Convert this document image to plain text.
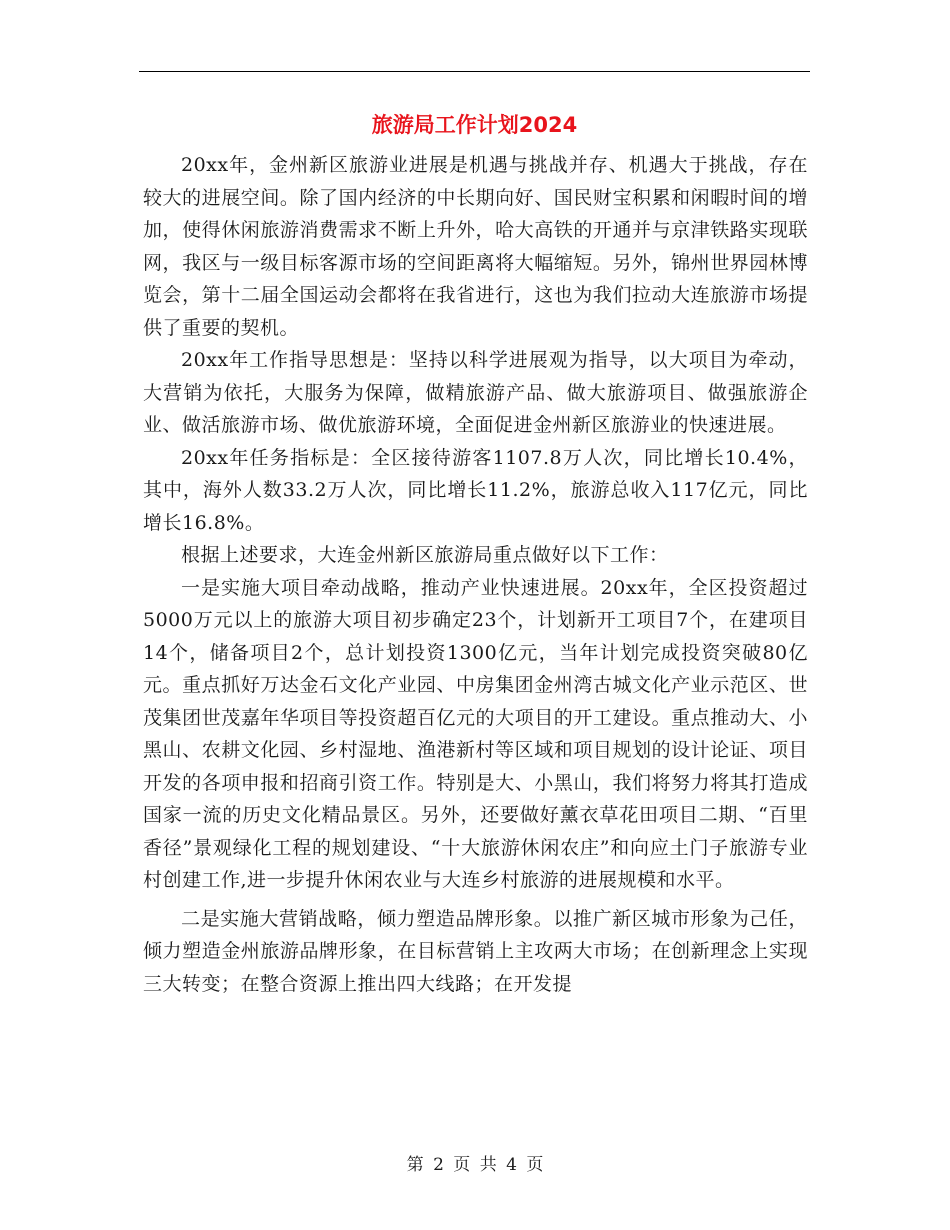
旅游局工作计划2024

20xx年，金州新区旅游业进展是机遇与挑战并存、机遇大于挑战，存在较大的进展空间。除了国内经济的中长期向好、国民财宝积累和闲暇时间的增加，使得休闲旅游消费需求不断上升外，哈大高铁的开通并与京津铁路实现联网，我区与一级目标客源市场的空间距离将大幅缩短。另外，锦州世界园林博览会，第十二届全国运动会都将在我省进行，这也为我们拉动大连旅游市场提供了重要的契机。

20xx年工作指导思想是：坚持以科学进展观为指导，以大项目为牵动，大营销为依托，大服务为保障，做精旅游产品、做大旅游项目、做强旅游企业、做活旅游市场、做优旅游环境，全面促进金州新区旅游业的快速进展。

20xx年任务指标是：全区接待游客1107.8万人次，同比增长10.4%，其中，海外人数33.2万人次，同比增长11.2%，旅游总收入117亿元，同比增长16.8%。

根据上述要求，大连金州新区旅游局重点做好以下工作：

一是实施大项目牵动战略，推动产业快速进展。20xx年，全区投资超过5000万元以上的旅游大项目初步确定23个，计划新开工项目7个，在建项目14个，储备项目2个，总计划投资1300亿元，当年计划完成投资突破80亿元。重点抓好万达金石文化产业园、中房集团金州湾古城文化产业示范区、世茂集团世茂嘉年华项目等投资超百亿元的大项目的开工建设。重点推动大、小黑山、农耕文化园、乡村湿地、渔港新村等区域和项目规划的设计论证、项目开发的各项申报和招商引资工作。特别是大、小黑山，我们将努力将其打造成国家一流的历史文化精品景区。另外，还要做好薰衣草花田项目二期、“百里香径”景观绿化工程的规划建设、“十大旅游休闲农庄”和向应土门子旅游专业村创建工作,进一步提升休闲农业与大连乡村旅游的进展规模和水平。

二是实施大营销战略，倾力塑造品牌形象。以推广新区城市形象为己任，倾力塑造金州旅游品牌形象，在目标营销上主攻两大市场；在创新理念上实现三大转变；在整合资源上推出四大线路；在开发提

第 2 页 共 4 页
